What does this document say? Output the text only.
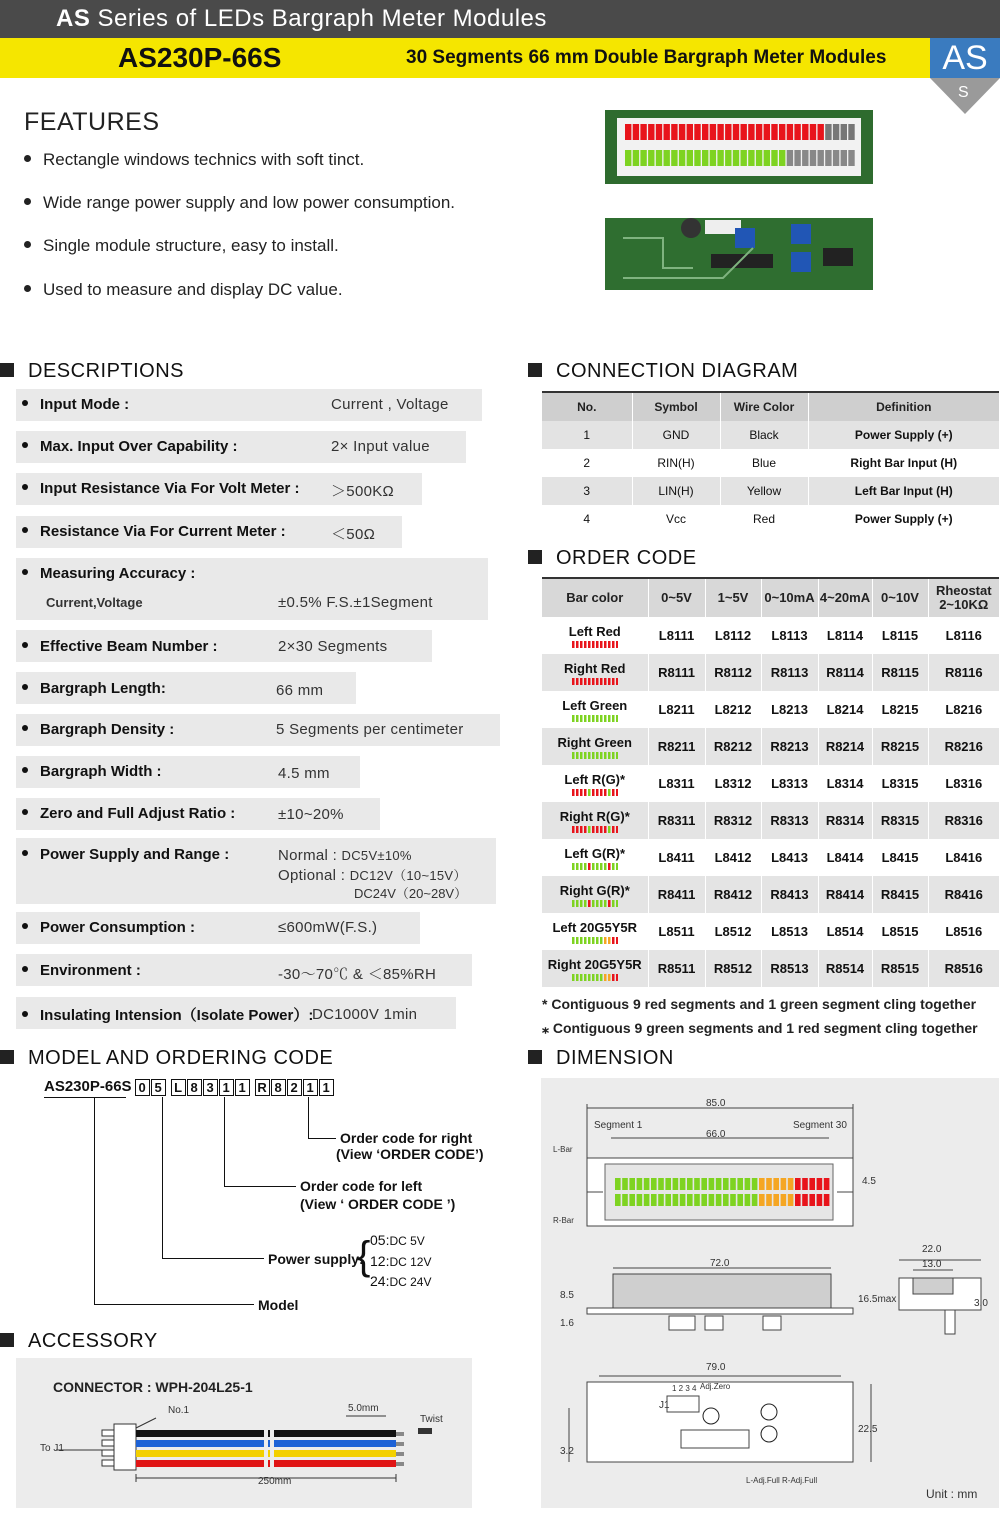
AS Series of LEDs Bargraph Meter Modules
AS230P-66S	30 Segments 66 mm Double Bargraph Meter Modules	AS
S
FEATURES
Rectangle windows technics with soft tinct.
Wide range power supply and low power consumption.
Single module structure, easy to install.
Used to measure and display DC value.
DESCRIPTIONS
Input Mode :	Current , Voltage
Max. Input Over Capability :	2× Input value
Input Resistance Via For Volt Meter : ＞500KΩ
Resistance Via For Current Meter :	＜50Ω
Measuring Accuracy :
Current,Voltage	±0.5% F.S.±1Segment
Effective Beam Number :	2×30 Segments
Bargraph Length:	66 mm
Bargraph Density :	5 Segments per centimeter
Bargraph Width :	4.5 mm
Zero and Full Adjust Ratio :	±10~20%
Power Supply and Range :	Normal : DC5V±10%
Optional : DC12V（10~15V）
DC24V（20~28V）
Power Consumption :	≤600mW(F.S.)
Environment :	-30～70℃ & ＜85%RH
Insulating Intension（Isolate Power）:
DC1000V 1min
CONNECTION DIAGRAM
No.	Symbol	Wire Color	Definition
1	GND	Black	Power Supply (+)
2	RIN(H)	Blue	Right Bar Input (H)
3	LIN(H)	Yellow	Left Bar Input (H)
4	Vcc	Red	Power Supply (+)
ORDER CODE
Bar color	0~5V	1~5V	0~10mA	4~20mA	0~10V	Rheostat
2~10KΩ
Left Red	L8111	L8112	L8113	L8114	L8115	L8116
Right Red	R8111	R8112	R8113	R8114	R8115	R8116
Left Green	L8211	L8212	L8213	L8214	L8215	L8216
Right Green	R8211	R8212	R8213	R8214	R8215	R8216
Left R(G)*	L8311	L8312	L8313	L8314	L8315	L8316
Right R(G)*	R8311	R8312	R8313	R8314	R8315	R8316
Left G(R)*	L8411	L8412	L8413	L8414	L8415	L8416
Right G(R)*	R8411	R8412	R8413	R8414	R8415	R8416
Left 20G5Y5R	L8511	L8512	L8513	L8514	L8515	L8516
Right 20G5Y5R	R8511	R8512	R8513	R8514	R8515	R8516
* Contiguous 9 red segments and 1 green segment cling together
⁎ Contiguous 9 green segments and 1 red segment cling together
MODEL AND ORDERING CODE
AS230P-66S 0 5 L 8 3 1 1 R 8 2 1 1
Order code for right
(View ‘ORDER CODE’)
Order code for left
(View ‘ ORDER CODE ’)
Power supply:
{ 05:DC 5V
12:DC 12V
24:DC 24V
Model
ACCESSORY
CONNECTOR : WPH-204L25-1
No.1	5.0mm
Twist
To J1
250mm
DIMENSION
85.0
66.0
Segment 1	Segment 30
L-Bar
R-Bar
4.5
72.0
8.5
1.6
16.5max
22.0
13.0
3.0
79.0
1 2 3 4 Adj.Zero
J1
3.2
22.5
L-Adj.Full R-Adj.Full
Unit : mm
